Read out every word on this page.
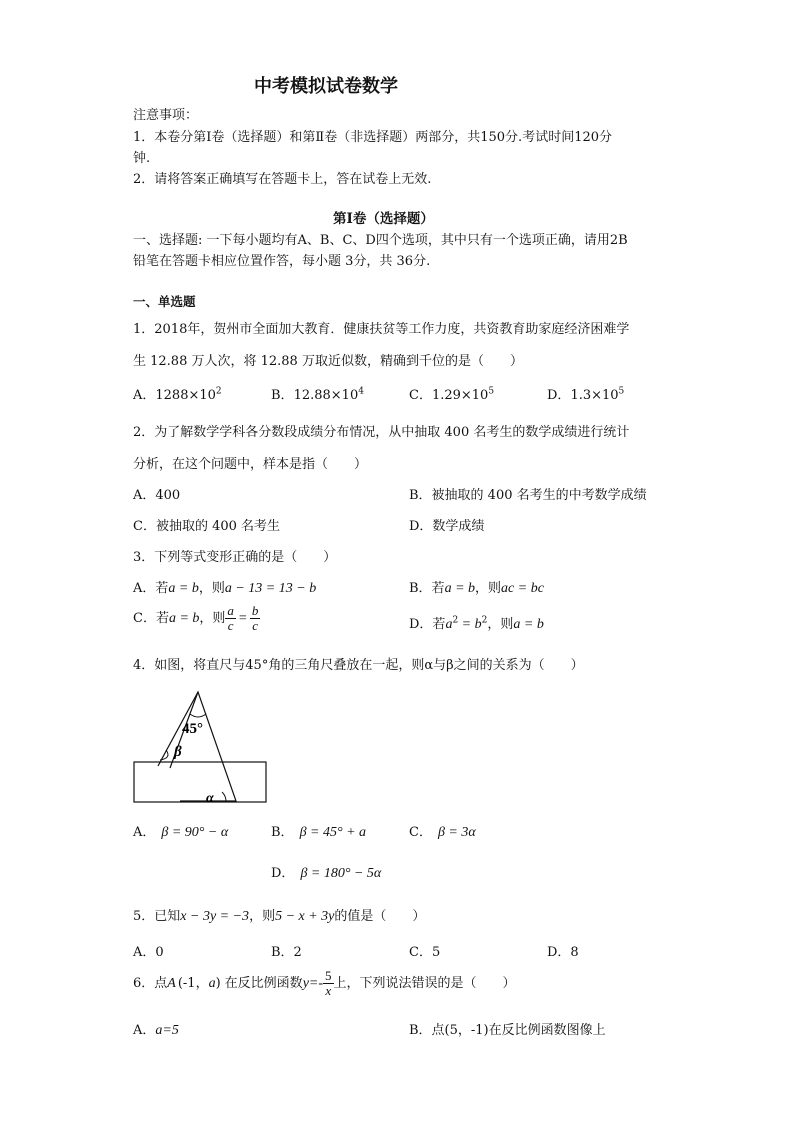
中考模拟试卷数学
注意事项：
1．本卷分第Ⅰ卷（选择题）和第Ⅱ卷（非选择题）两部分，共150分.考试时间120分
钟.
2．请将答案正确填写在答题卡上，答在试卷上无效.
第I卷（选择题）
一、选择题: 一下每小题均有A、B、C、D四个选项，其中只有一个选项正确，请用2B
铅笔在答题卡相应位置作答，每小题 3分，共 36分.
一、单选题
1．2018年，贺州市全面加大教育．健康扶贫等工作力度，共资教育助家庭经济困难学
生 12.88 万人次，将 12.88 万取近似数，精确到千位的是（　　）
A．$1288\times 10^2$	B．$12.88\times 10^4$	C．$1.29\times 10^5$	D．$1.3\times 10^5$
2．为了解数学学科各分数段成绩分布情况，从中抽取 400 名考生的数学成绩进行统计
分析，在这个问题中，样本是指（　　）
A．400	B．被抽取的 400 名考生的中考数学成绩
C．被抽取的 400 名考生	D．数学成绩
3．下列等式变形正确的是（　　）
A．若a = b，则a − 13 = 13 − b	B．若a = b，则ac = bc
C．若a = b，则 $\frac{a}{c} = \frac{b}{c}$	D．若$a^2 = b^2$，则a = b
4．如图，将直尺与45°角的三角尺叠放在一起，则α与β之间的关系为（　　）
45°
β
α
A． β = 90° − α	B． β = 45° + a	C． β = 3α
D． β = 180° − 5α
5．已知x − 3y = −3，则5 − x + 3y的值是（　　）
A．0	B．2	C．5	D．8
6．点A (-1，a) 在反比例函数$y=- \frac{5}{x}$ 上，下列说法错误的是（　　）
A．a=5	B．点(5，-1)在反比例函数图像上
